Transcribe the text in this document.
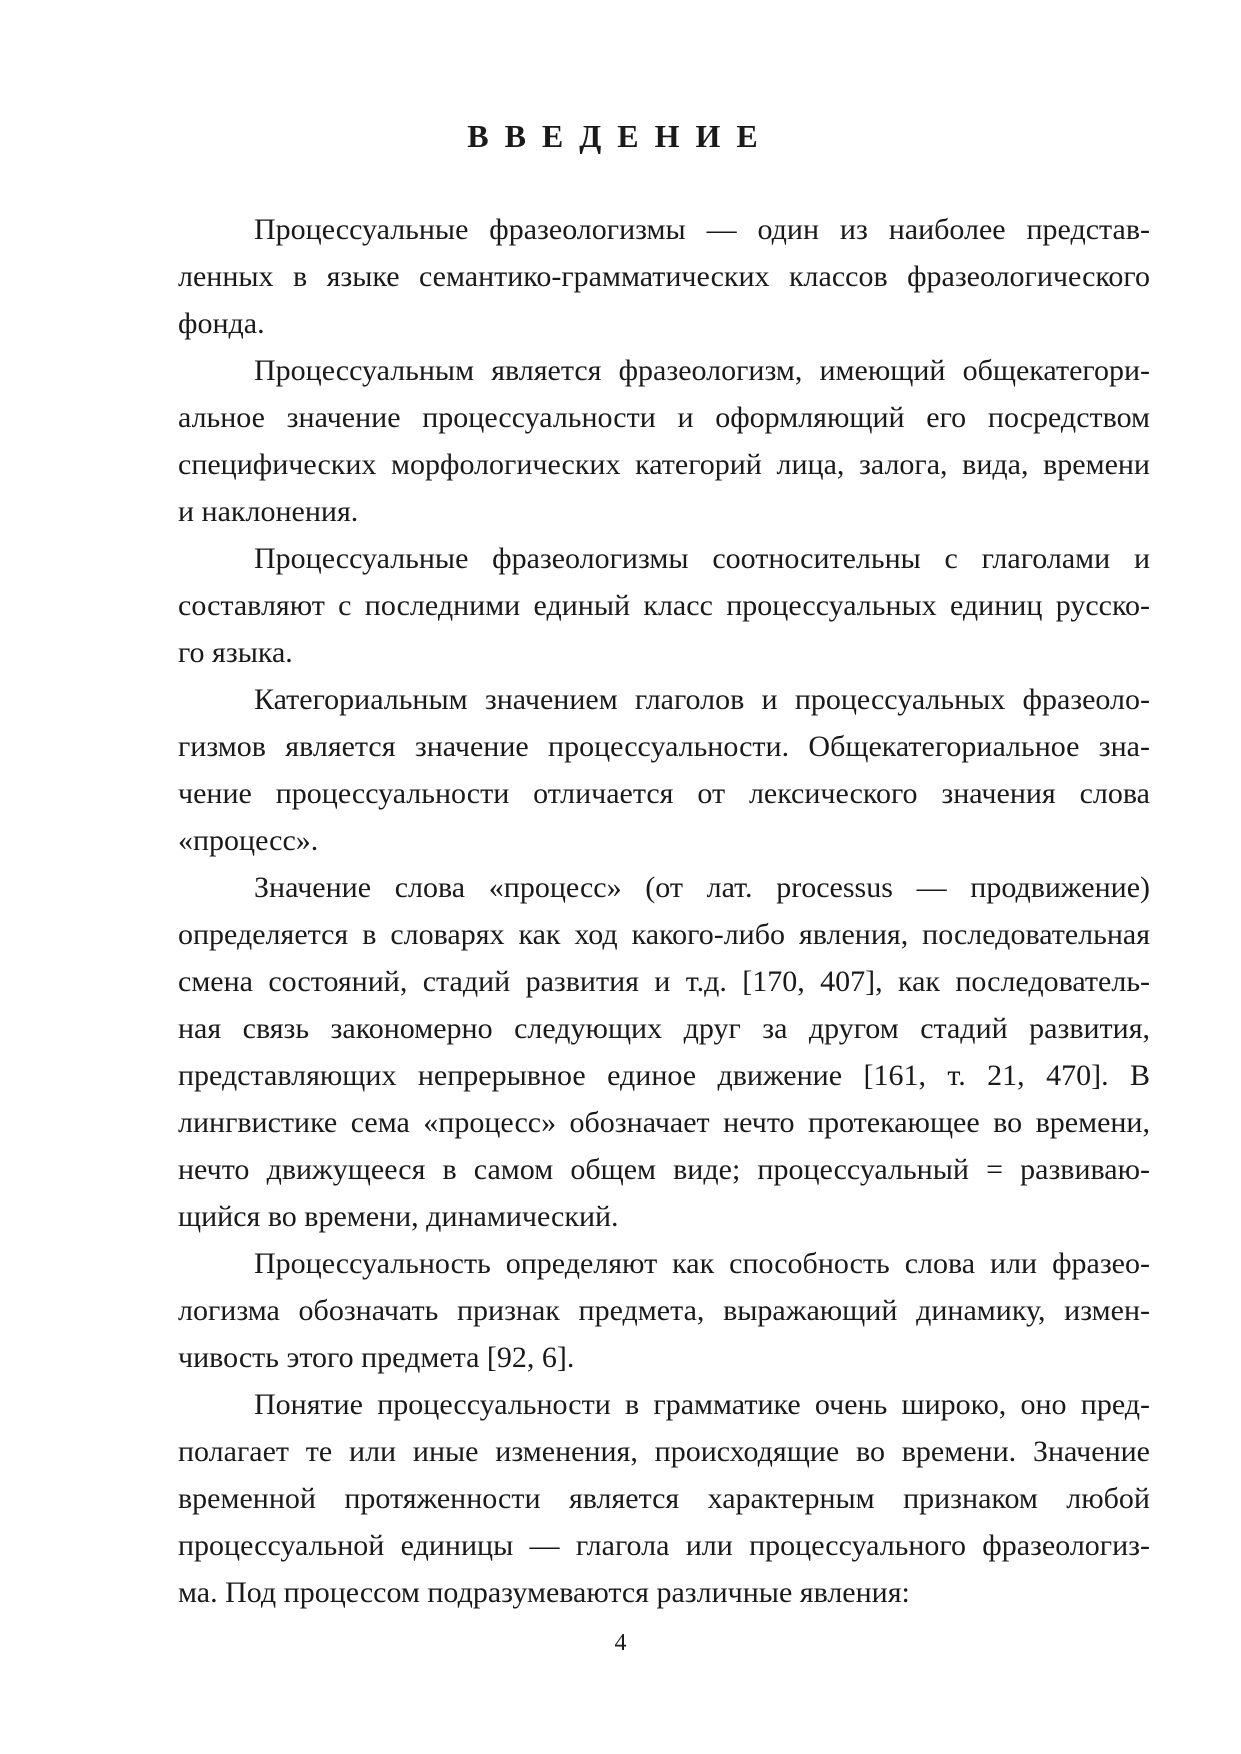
ВВЕДЕНИЕ
Процессуальные фразеологизмы — один из наиболее представ-
ленных в языке семантико-грамматических классов фразеологического
фонда.
Процессуальным является фразеологизм, имеющий общекатегори-
альное значение процессуальности и оформляющий его посредством
специфических морфологических категорий лица, залога, вида, времени
и наклонения.
Процессуальные фразеологизмы соотносительны с глаголами и
составляют с последними единый класс процессуальных единиц русско-
го языка.
Категориальным значением глаголов и процессуальных фразеоло-
гизмов является значение процессуальности. Общекатегориальное зна-
чение процессуальности отличается от лексического значения слова
«процесс».
Значение слова «процесс» (от лат. processus — продвижение)
определяется в словарях как ход какого-либо явления, последовательная
смена состояний, стадий развития и т.д. [170, 407], как последователь-
ная связь закономерно следующих друг за другом стадий развития,
представляющих непрерывное единое движение [161, т. 21, 470]. В
лингвистике сема «процесс» обозначает нечто протекающее во времени,
нечто движущееся в самом общем виде; процессуальный = развиваю-
щийся во времени, динамический.
Процессуальность определяют как способность слова или фразео-
логизма обозначать признак предмета, выражающий динамику, измен-
чивость этого предмета [92, 6].
Понятие процессуальности в грамматике очень широко, оно пред-
полагает те или иные изменения, происходящие во времени. Значение
временной протяженности является характерным признаком любой
процессуальной единицы — глагола или процессуального фразеологиз-
ма. Под процессом подразумеваются различные явления:
4
